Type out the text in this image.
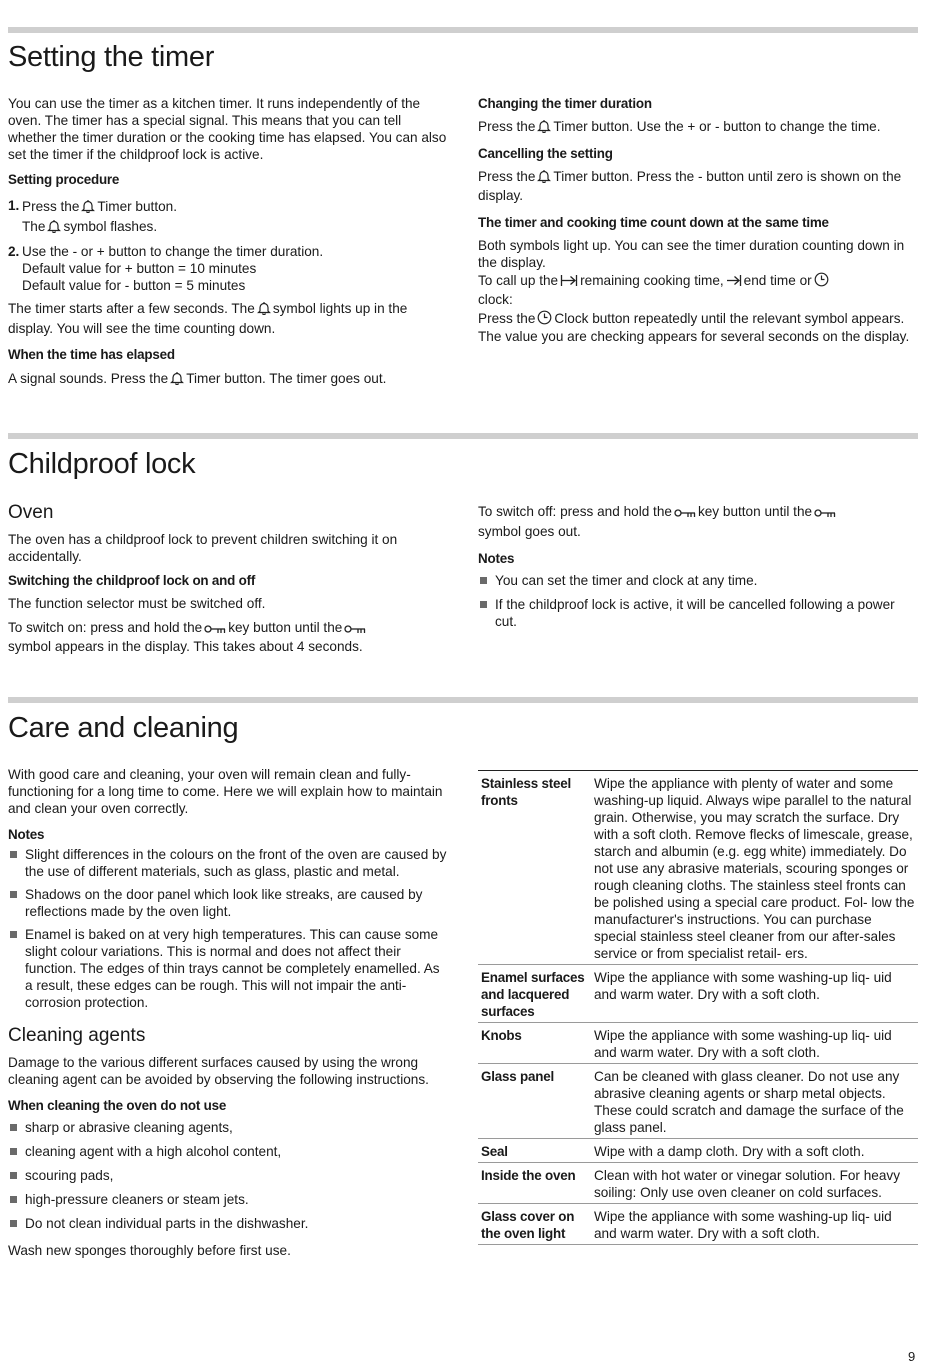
Setting the timer

You can use the timer as a kitchen timer. It runs independently of the oven. The timer has a special signal. This means that you can tell whether the timer duration or the cooking time has elapsed. You can also set the timer if the childproof lock is active.

Setting procedure

1. Press the Timer button.

The symbol flashes.

2. Use the - or + button to change the timer duration.

Default value for + button = 10 minutes

Default value for - button = 5 minutes

The timer starts after a few seconds. The symbol lights up in the display. You will see the time counting down.

When the time has elapsed

A signal sounds. Press the Timer button. The timer goes out.

Changing the timer duration

Press the Timer button. Use the + or - button to change the time.

Cancelling the setting

Press the Timer button. Press the - button until zero is shown on the display.

The timer and cooking time count down at the same time

Both symbols light up. You can see the timer duration counting down in the display.

To call up the remaining cooking time, end time or
clock:

Press the Clock button repeatedly until the relevant symbol appears.

The value you are checking appears for several seconds on the display.

Childproof lock

Oven

The oven has a childproof lock to prevent children switching it on accidentally.

Switching the childproof lock on and off

The function selector must be switched off.

To switch on: press and hold the key button until the
symbol appears in the display. This takes about 4 seconds.

To switch off: press and hold the key button until the
symbol goes out.

Notes

You can set the timer and clock at any time.
If the childproof lock is active, it will be cancelled following a power cut.
Care and cleaning

With good care and cleaning, your oven will remain clean and fully-functioning for a long time to come. Here we will explain how to maintain and clean your oven correctly.

Notes

Slight differences in the colours on the front of the oven are caused by the use of different materials, such as glass, plastic and metal.
Shadows on the door panel which look like streaks, are caused by reflections made by the oven light.
Enamel is baked on at very high temperatures. This can cause some slight colour variations. This is normal and does not affect their function. The edges of thin trays cannot be completely enamelled. As a result, these edges can be rough. This will not impair the anti-corrosion protection.

Cleaning agents

Damage to the various different surfaces caused by using the wrong cleaning agent can be avoided by observing the following instructions.

When cleaning the oven do not use

sharp or abrasive cleaning agents,
cleaning agent with a high alcohol content,
scouring pads,
high-pressure cleaners or steam jets.
Do not clean individual parts in the dishwasher.

Wash new sponges thoroughly before first use.

Stainless steel fronts	Wipe the appliance with plenty of water and some washing-up liquid. Always wipe parallel to the natural grain. Otherwise, you may scratch the surface. Dry with a soft cloth. Remove flecks of limescale, grease, starch and albumin (e.g. egg white) immediately. Do not use any abrasive materials, scouring sponges or rough cleaning cloths. The stainless steel fronts can be polished using a special care product. Fol- low the manufacturer's instructions. You can purchase special stainless steel cleaner from our after-sales service or from specialist retail- ers.
Enamel surfaces and lacquered surfaces	Wipe the appliance with some washing-up liq- uid and warm water. Dry with a soft cloth.
Knobs	Wipe the appliance with some washing-up liq- uid and warm water. Dry with a soft cloth.
Glass panel	Can be cleaned with glass cleaner. Do not use any abrasive cleaning agents or sharp metal objects. These could scratch and damage the surface of the glass panel.
Seal	Wipe with a damp cloth. Dry with a soft cloth.
Inside the oven	Clean with hot water or vinegar solution. For heavy soiling: Only use oven cleaner on cold surfaces.
Glass cover on the oven light	Wipe the appliance with some washing-up liq- uid and warm water. Dry with a soft cloth.
9
